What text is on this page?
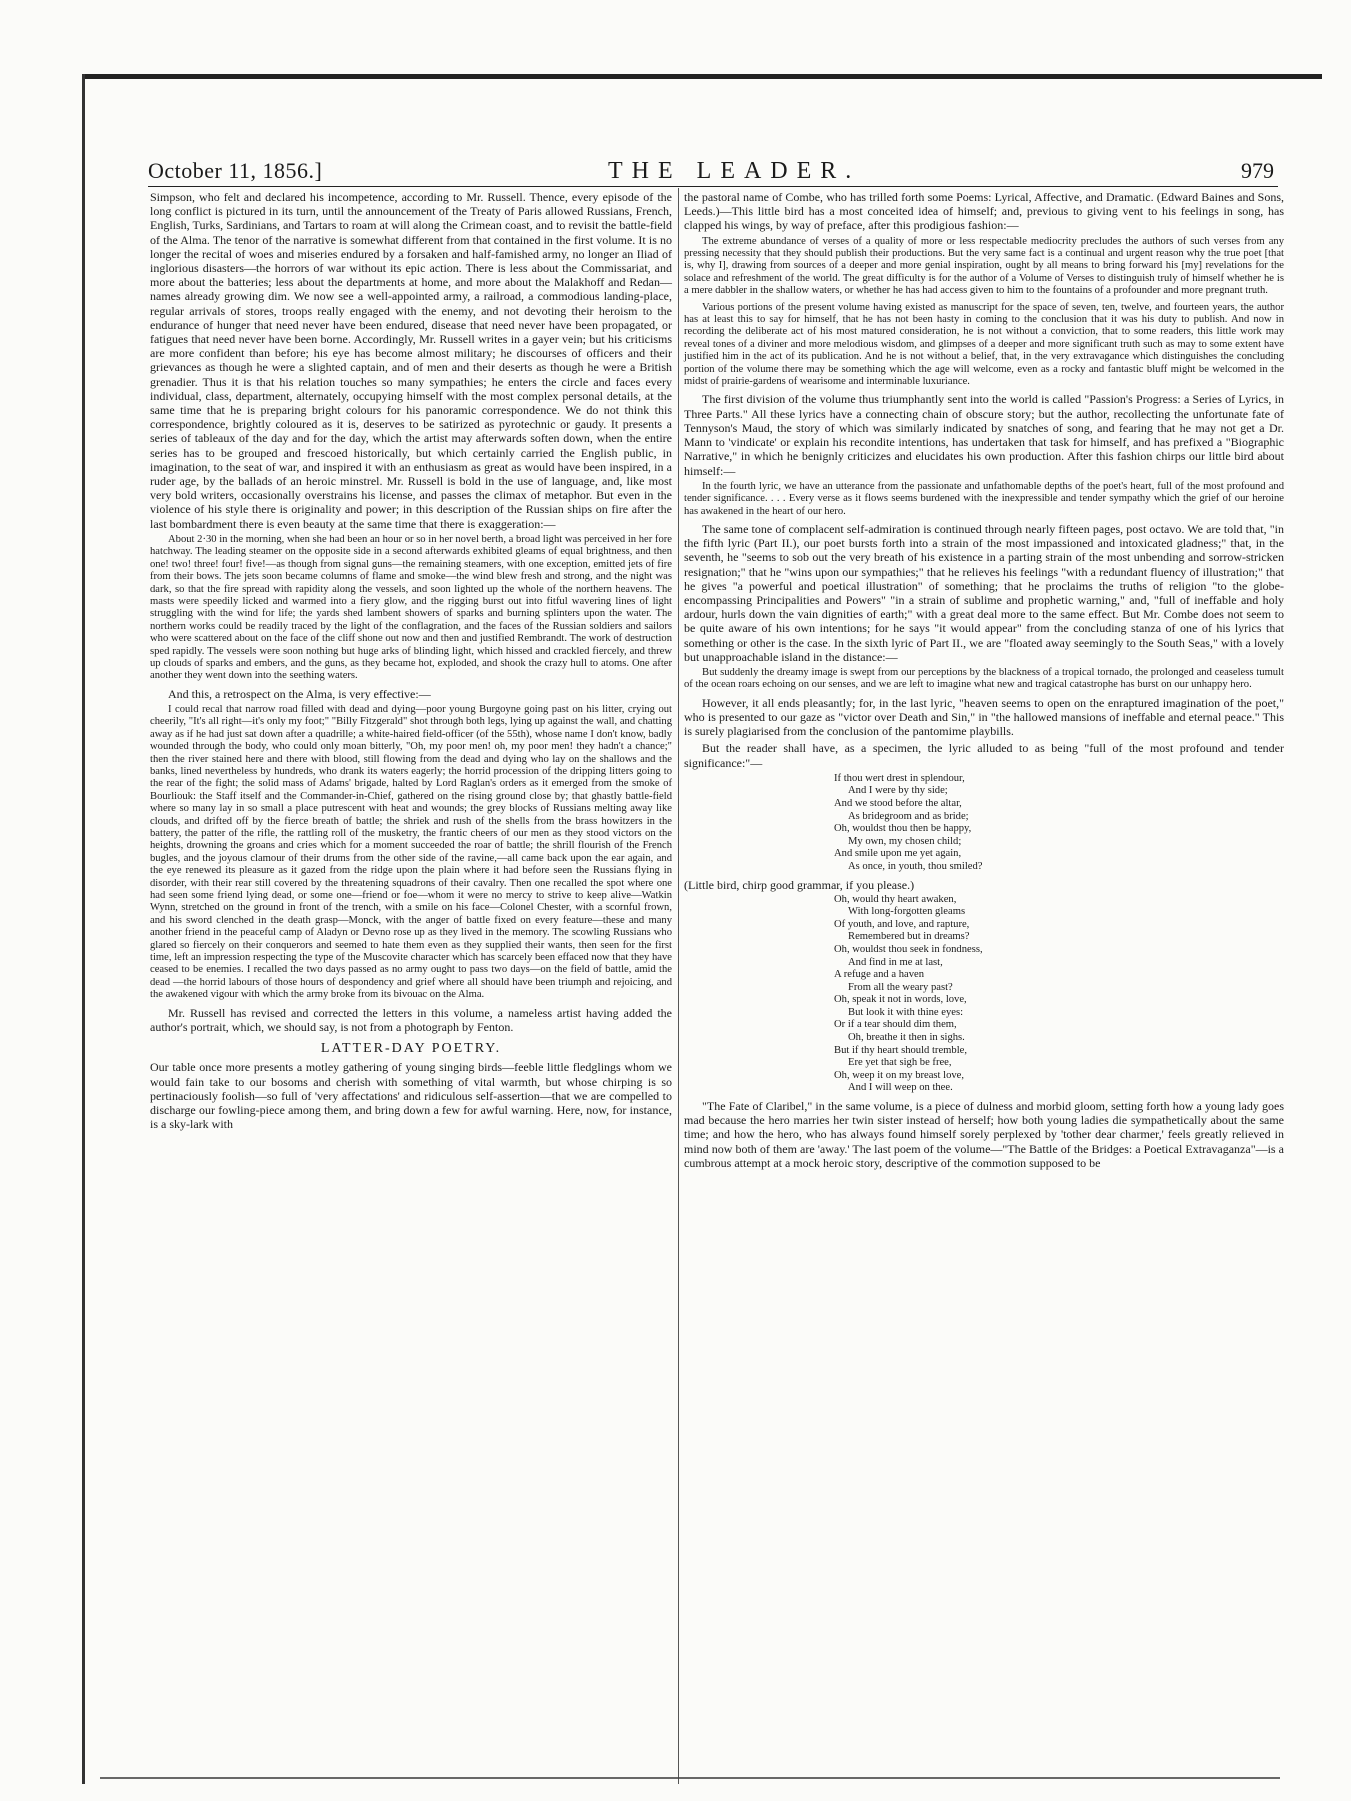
October 11, 1856.]	THE LEADER.	979

Simpson, who felt and declared his incompetence, according to Mr. Russell. Thence, every episode of the long conflict is pictured in its turn, until the announcement of the Treaty of Paris allowed Russians, French, English, Turks, Sardinians, and Tartars to roam at will along the Crimean coast, and to revisit the battle-field of the Alma. The tenor of the narrative is somewhat different from that contained in the first volume. It is no longer the recital of woes and miseries endured by a forsaken and half-famished army, no longer an Iliad of inglorious disasters—the horrors of war without its epic action. There is less about the Commissariat, and more about the batteries; less about the departments at home, and more about the Malakhoff and Redan—names already growing dim. We now see a well-appointed army, a railroad, a commodious landing-place, regular arrivals of stores, troops really engaged with the enemy, and not devoting their heroism to the endurance of hunger that need never have been endured, disease that need never have been propagated, or fatigues that need never have been borne. Accordingly, Mr. Russell writes in a gayer vein; but his criticisms are more confident than before; his eye has become almost military; he discourses of officers and their grievances as though he were a slighted captain, and of men and their deserts as though he were a British grenadier. Thus it is that his relation touches so many sympathies; he enters the circle and faces every individual, class, department, alternately, occupying himself with the most complex personal details, at the same time that he is preparing bright colours for his panoramic correspondence. We do not think this correspondence, brightly coloured as it is, deserves to be satirized as pyrotechnic or gaudy. It presents a series of tableaux of the day and for the day, which the artist may afterwards soften down, when the entire series has to be grouped and frescoed historically, but which certainly carried the English public, in imagination, to the seat of war, and inspired it with an enthusiasm as great as would have been inspired, in a ruder age, by the ballads of an heroic minstrel. Mr. Russell is bold in the use of language, and, like most very bold writers, occasionally overstrains his license, and passes the climax of metaphor. But even in the violence of his style there is originality and power; in this description of the Russian ships on fire after the last bombardment there is even beauty at the same time that there is exaggeration:—

About 2·30 in the morning, when she had been an hour or so in her novel berth, a broad light was perceived in her fore hatchway. The leading steamer on the opposite side in a second afterwards exhibited gleams of equal brightness, and then one! two! three! four! five!—as though from signal guns—the remaining steamers, with one exception, emitted jets of fire from their bows. The jets soon became columns of flame and smoke—the wind blew fresh and strong, and the night was dark, so that the fire spread with rapidity along the vessels, and soon lighted up the whole of the northern heavens. The masts were speedily licked and warmed into a fiery glow, and the rigging burst out into fitful wavering lines of light struggling with the wind for life; the yards shed lambent showers of sparks and burning splinters upon the water. The northern works could be readily traced by the light of the conflagration, and the faces of the Russian soldiers and sailors who were scattered about on the face of the cliff shone out now and then and justified Rembrandt. The work of destruction sped rapidly. The vessels were soon nothing but huge arks of blinding light, which hissed and crackled fiercely, and threw up clouds of sparks and embers, and the guns, as they became hot, exploded, and shook the crazy hull to atoms. One after another they went down into the seething waters.

And this, a retrospect on the Alma, is very effective:—

I could recal that narrow road filled with dead and dying—poor young Burgoyne going past on his litter, crying out cheerily, "It's all right—it's only my foot;" "Billy Fitzgerald" shot through both legs, lying up against the wall, and chatting away as if he had just sat down after a quadrille; a white-haired field-officer (of the 55th), whose name I don't know, badly wounded through the body, who could only moan bitterly, "Oh, my poor men! oh, my poor men! they hadn't a chance;" then the river stained here and there with blood, still flowing from the dead and dying who lay on the shallows and the banks, lined nevertheless by hundreds, who drank its waters eagerly; the horrid procession of the dripping litters going to the rear of the fight; the solid mass of Adams' brigade, halted by Lord Raglan's orders as it emerged from the smoke of Bourliouk: the Staff itself and the Commander-in-Chief, gathered on the rising ground close by; that ghastly battle-field where so many lay in so small a place putrescent with heat and wounds; the grey blocks of Russians melting away like clouds, and drifted off by the fierce breath of battle; the shriek and rush of the shells from the brass howitzers in the battery, the patter of the rifle, the rattling roll of the musketry, the frantic cheers of our men as they stood victors on the heights, drowning the groans and cries which for a moment succeeded the roar of battle; the shrill flourish of the French bugles, and the joyous clamour of their drums from the other side of the ravine,—all came back upon the ear again, and the eye renewed its pleasure as it gazed from the ridge upon the plain where it had before seen the Russians flying in disorder, with their rear still covered by the threatening squadrons of their cavalry. Then one recalled the spot where one had seen some friend lying dead, or some one—friend or foe—whom it were no mercy to strive to keep alive—Watkin Wynn, stretched on the ground in front of the trench, with a smile on his face—Colonel Chester, with a scornful frown, and his sword clenched in the death grasp—Monck, with the anger of battle fixed on every feature—these and many another friend in the peaceful camp of Aladyn or Devno rose up as they lived in the memory. The scowling Russians who glared so fiercely on their conquerors and seemed to hate them even as they supplied their wants, then seen for the first time, left an impression respecting the type of the Muscovite character which has scarcely been effaced now that they have ceased to be enemies. I recalled the two days passed as no army ought to pass two days—on the field of battle, amid the dead —the horrid labours of those hours of despondency and grief where all should have been triumph and rejoicing, and the awakened vigour with which the army broke from its bivouac on the Alma.

Mr. Russell has revised and corrected the letters in this volume, a nameless artist having added the author's portrait, which, we should say, is not from a photograph by Fenton.

LATTER-DAY POETRY.

Our table once more presents a motley gathering of young singing birds—feeble little fledglings whom we would fain take to our bosoms and cherish with something of vital warmth, but whose chirping is so pertinaciously foolish—so full of 'very affectations' and ridiculous self-assertion—that we are compelled to discharge our fowling-piece among them, and bring down a few for awful warning. Here, now, for instance, is a sky-lark with

the pastoral name of Combe, who has trilled forth some Poems: Lyrical, Affective, and Dramatic. (Edward Baines and Sons, Leeds.)—This little bird has a most conceited idea of himself; and, previous to giving vent to his feelings in song, has clapped his wings, by way of preface, after this prodigious fashion:—

The extreme abundance of verses of a quality of more or less respectable mediocrity precludes the authors of such verses from any pressing necessity that they should publish their productions. But the very same fact is a continual and urgent reason why the true poet [that is, why I], drawing from sources of a deeper and more genial inspiration, ought by all means to bring forward his [my] revelations for the solace and refreshment of the world. The great difficulty is for the author of a Volume of Verses to distinguish truly of himself whether he is a mere dabbler in the shallow waters, or whether he has had access given to him to the fountains of a profounder and more pregnant truth.

Various portions of the present volume having existed as manuscript for the space of seven, ten, twelve, and fourteen years, the author has at least this to say for himself, that he has not been hasty in coming to the conclusion that it was his duty to publish. And now in recording the deliberate act of his most matured consideration, he is not without a conviction, that to some readers, this little work may reveal tones of a diviner and more melodious wisdom, and glimpses of a deeper and more significant truth such as may to some extent have justified him in the act of its publication. And he is not without a belief, that, in the very extravagance which distinguishes the concluding portion of the volume there may be something which the age will welcome, even as a rocky and fantastic bluff might be welcomed in the midst of prairie-gardens of wearisome and interminable luxuriance.

The first division of the volume thus triumphantly sent into the world is called "Passion's Progress: a Series of Lyrics, in Three Parts." All these lyrics have a connecting chain of obscure story; but the author, recollecting the unfortunate fate of Tennyson's Maud, the story of which was similarly indicated by snatches of song, and fearing that he may not get a Dr. Mann to 'vindicate' or explain his recondite intentions, has undertaken that task for himself, and has prefixed a "Biographic Narrative," in which he benignly criticizes and elucidates his own production. After this fashion chirps our little bird about himself:—

In the fourth lyric, we have an utterance from the passionate and unfathomable depths of the poet's heart, full of the most profound and tender significance. . . . Every verse as it flows seems burdened with the inexpressible and tender sympathy which the grief of our heroine has awakened in the heart of our hero.

The same tone of complacent self-admiration is continued through nearly fifteen pages, post octavo. We are told that, "in the fifth lyric (Part II.), our poet bursts forth into a strain of the most impassioned and intoxicated gladness;" that, in the seventh, he "seems to sob out the very breath of his existence in a parting strain of the most unbending and sorrow-stricken resignation;" that he "wins upon our sympathies;" that he relieves his feelings "with a redundant fluency of illustration;" that he gives "a powerful and poetical illustration" of something; that he proclaims the truths of religion "to the globe-encompassing Principalities and Powers" "in a strain of sublime and prophetic warning," and, "full of ineffable and holy ardour, hurls down the vain dignities of earth;" with a great deal more to the same effect. But Mr. Combe does not seem to be quite aware of his own intentions; for he says "it would appear" from the concluding stanza of one of his lyrics that something or other is the case. In the sixth lyric of Part II., we are "floated away seemingly to the South Seas," with a lovely but unapproachable island in the distance:—

But suddenly the dreamy image is swept from our perceptions by the blackness of a tropical tornado, the prolonged and ceaseless tumult of the ocean roars echoing on our senses, and we are left to imagine what new and tragical catastrophe has burst on our unhappy hero.

However, it all ends pleasantly; for, in the last lyric, "heaven seems to open on the enraptured imagination of the poet," who is presented to our gaze as "victor over Death and Sin," in "the hallowed mansions of ineffable and eternal peace." This is surely plagiarised from the conclusion of the pantomime playbills.

But the reader shall have, as a specimen, the lyric alluded to as being "full of the most profound and tender significance:"—

If thou wert drest in splendour,
And I were by thy side;
And we stood before the altar,
As bridegroom and as bride;
Oh, wouldst thou then be happy,
My own, my chosen child;
And smile upon me yet again,
As once, in youth, thou smiled?
(Little bird, chirp good grammar, if you please.)
Oh, would thy heart awaken,
With long-forgotten gleams
Of youth, and love, and rapture,
Remembered but in dreams?
Oh, wouldst thou seek in fondness,
And find in me at last,
A refuge and a haven
From all the weary past?
Oh, speak it not in words, love,
But look it with thine eyes:
Or if a tear should dim them,
Oh, breathe it then in sighs.
But if thy heart should tremble,
Ere yet that sigh be free,
Oh, weep it on my breast love,
And I will weep on thee.

"The Fate of Claribel," in the same volume, is a piece of dulness and morbid gloom, setting forth how a young lady goes mad because the hero marries her twin sister instead of herself; how both young ladies die sympathetically about the same time; and how the hero, who has always found himself sorely perplexed by 'tother dear charmer,' feels greatly relieved in mind now both of them are 'away.' The last poem of the volume—"The Battle of the Bridges: a Poetical Extravaganza"—is a cumbrous attempt at a mock heroic story, descriptive of the commotion supposed to be
